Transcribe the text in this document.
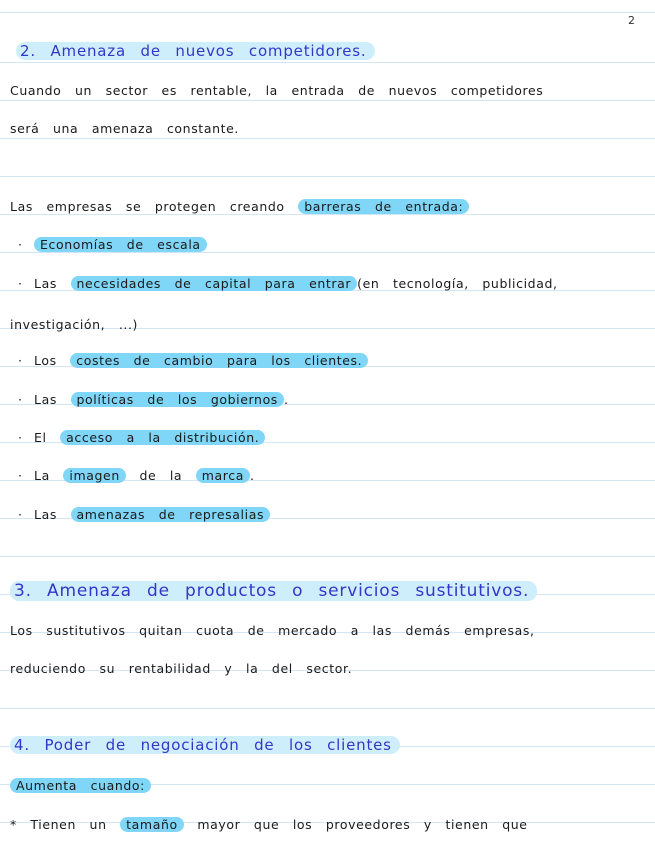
2
2. Amenaza de nuevos competidores.
Cuando un sector es rentable, la entrada de nuevos competidores
será una amenaza constante.
Las empresas se protegen creando barreras de entrada:
· Economías de escala
· Las necesidades de capital para entrar (en tecnología, publicidad,
investigación, ...)
· Los costes de cambio para los clientes.
· Las políticas de los gobiernos .
· El acceso a la distribución.
· La imagen de la marca .
· Las amenazas de represalias
3. Amenaza de productos o servicios sustitutivos.
Los sustitutivos quitan cuota de mercado a las demás empresas,
reduciendo su rentabilidad y la del sector.
4. Poder de negociación de los clientes
Aumenta cuando:
* Tienen un tamaño mayor que los proveedores y tienen que
